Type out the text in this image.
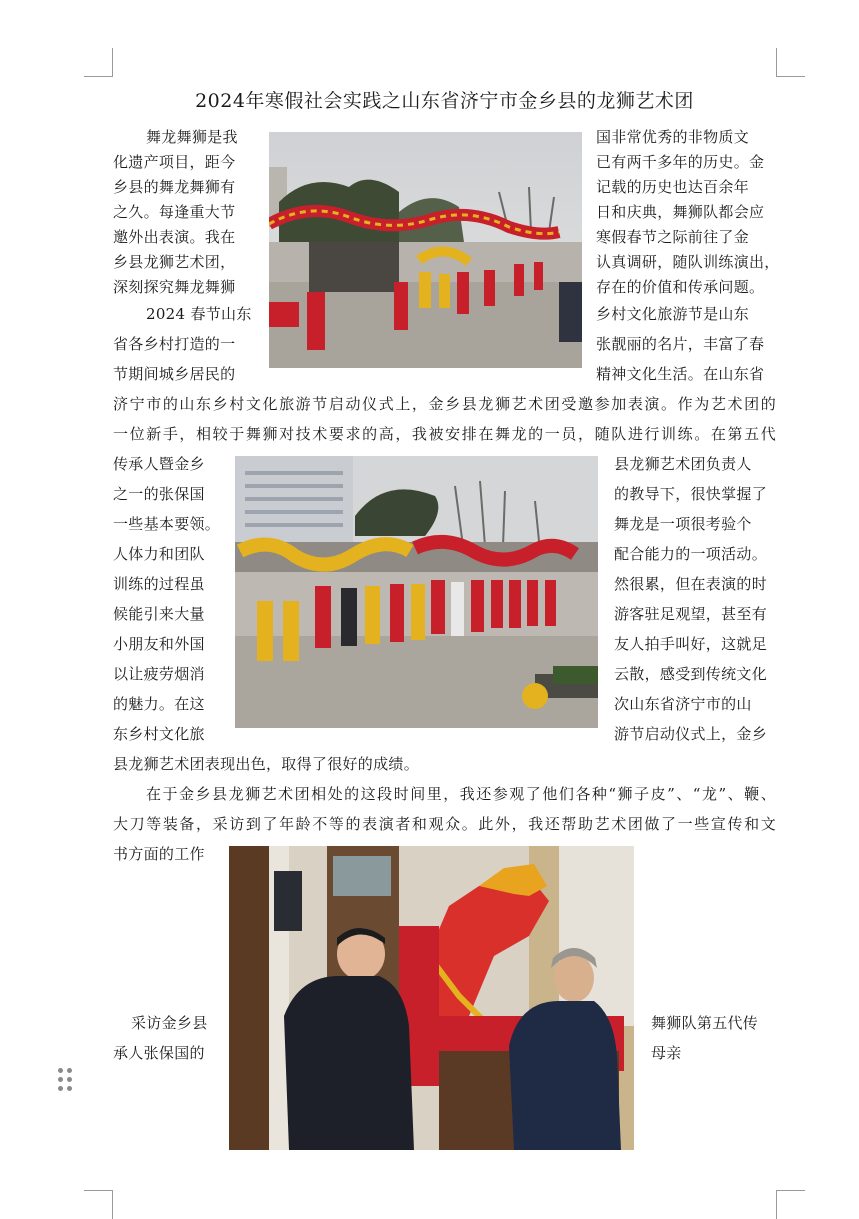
2024年寒假社会实践之山东省济宁市金乡县的龙狮艺术团
舞龙舞狮是我	国非常优秀的非物质文
化遗产项目，距今	已有两千多年的历史。金
乡县的舞龙舞狮有	记载的历史也达百余年
之久。每逢重大节	日和庆典，舞狮队都会应
邀外出表演。我在	寒假春节之际前往了金
乡县龙狮艺术团，	认真调研，随队训练演出，
深刻探究舞龙舞狮	存在的价值和传承问题。
2024 春节山东	乡村文化旅游节是山东
省各乡村打造的一	张靓丽的名片，丰富了春
节期间城乡居民的	精神文化生活。在山东省
济宁市的山东乡村文化旅游节启动仪式上，金乡县龙狮艺术团受邀参加表演。作为艺术团的
一位新手，相较于舞狮对技术要求的高，我被安排在舞龙的一员，随队进行训练。在第五代
传承人暨金乡	县龙狮艺术团负责人
之一的张保国	的教导下，很快掌握了
一些基本要领。	舞龙是一项很考验个
人体力和团队	配合能力的一项活动。
训练的过程虽	然很累，但在表演的时
候能引来大量	游客驻足观望，甚至有
小朋友和外国	友人拍手叫好，这就足
以让疲劳烟消	云散，感受到传统文化
的魅力。在这	次山东省济宁市的山
东乡村文化旅	游节启动仪式上，金乡
县龙狮艺术团表现出色，取得了很好的成绩。
在于金乡县龙狮艺术团相处的这段时间里，我还参观了他们各种“狮子皮”、“龙”、鞭、
大刀等装备，采访到了年龄不等的表演者和观众。此外，我还帮助艺术团做了一些宣传和文
书方面的工作
采访金乡县	舞狮队第五代传
承人张保国的	母亲
